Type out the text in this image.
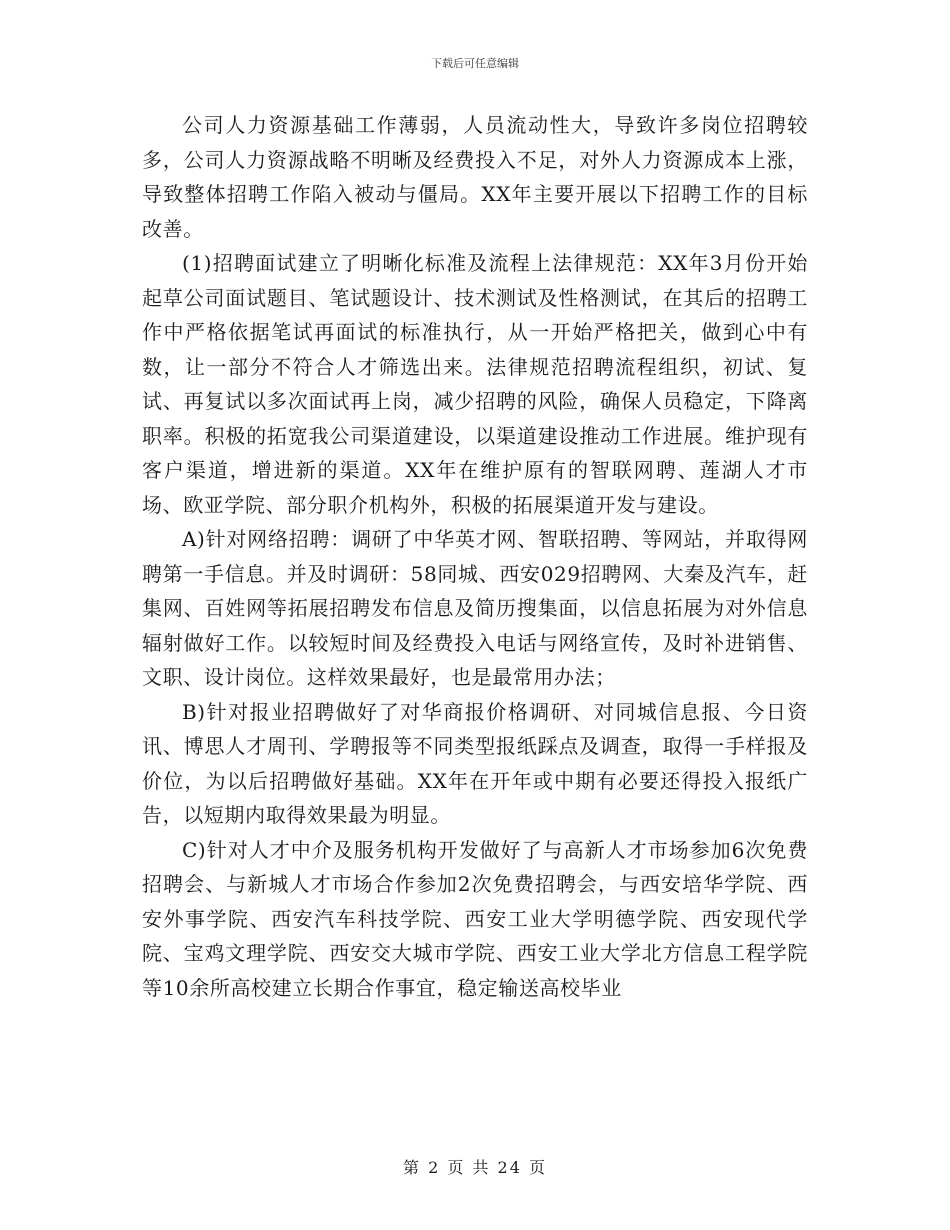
下载后可任意编辑

公司人力资源基础工作薄弱，人员流动性大，导致许多岗位招聘较多，公司人力资源战略不明晰及经费投入不足，对外人力资源成本上涨，导致整体招聘工作陷入被动与僵局。XX年主要开展以下招聘工作的目标改善。

(1)招聘面试建立了明晰化标准及流程上法律规范：XX年3月份开始起草公司面试题目、笔试题设计、技术测试及性格测试，在其后的招聘工作中严格依据笔试再面试的标准执行，从一开始严格把关，做到心中有数，让一部分不符合人才筛选出来。法律规范招聘流程组织，初试、复试、再复试以多次面试再上岗，减少招聘的风险，确保人员稳定，下降离职率。积极的拓宽我公司渠道建设，以渠道建设推动工作进展。维护现有客户渠道，增进新的渠道。XX年在维护原有的智联网聘、莲湖人才市场、欧亚学院、部分职介机构外，积极的拓展渠道开发与建设。

A)针对网络招聘：调研了中华英才网、智联招聘、等网站，并取得网聘第一手信息。并及时调研：58同城、西安029招聘网、大秦及汽车，赶集网、百姓网等拓展招聘发布信息及简历搜集面，以信息拓展为对外信息辐射做好工作。以较短时间及经费投入电话与网络宣传，及时补进销售、文职、设计岗位。这样效果最好，也是最常用办法；

B)针对报业招聘做好了对华商报价格调研、对同城信息报、今日资讯、博思人才周刊、学聘报等不同类型报纸踩点及调查，取得一手样报及价位，为以后招聘做好基础。XX年在开年或中期有必要还得投入报纸广告，以短期内取得效果最为明显。

C)针对人才中介及服务机构开发做好了与高新人才市场参加6次免费招聘会、与新城人才市场合作参加2次免费招聘会，与西安培华学院、西安外事学院、西安汽车科技学院、西安工业大学明德学院、西安现代学院、宝鸡文理学院、西安交大城市学院、西安工业大学北方信息工程学院等10余所高校建立长期合作事宜，稳定输送高校毕业

第 2 页 共 24 页
